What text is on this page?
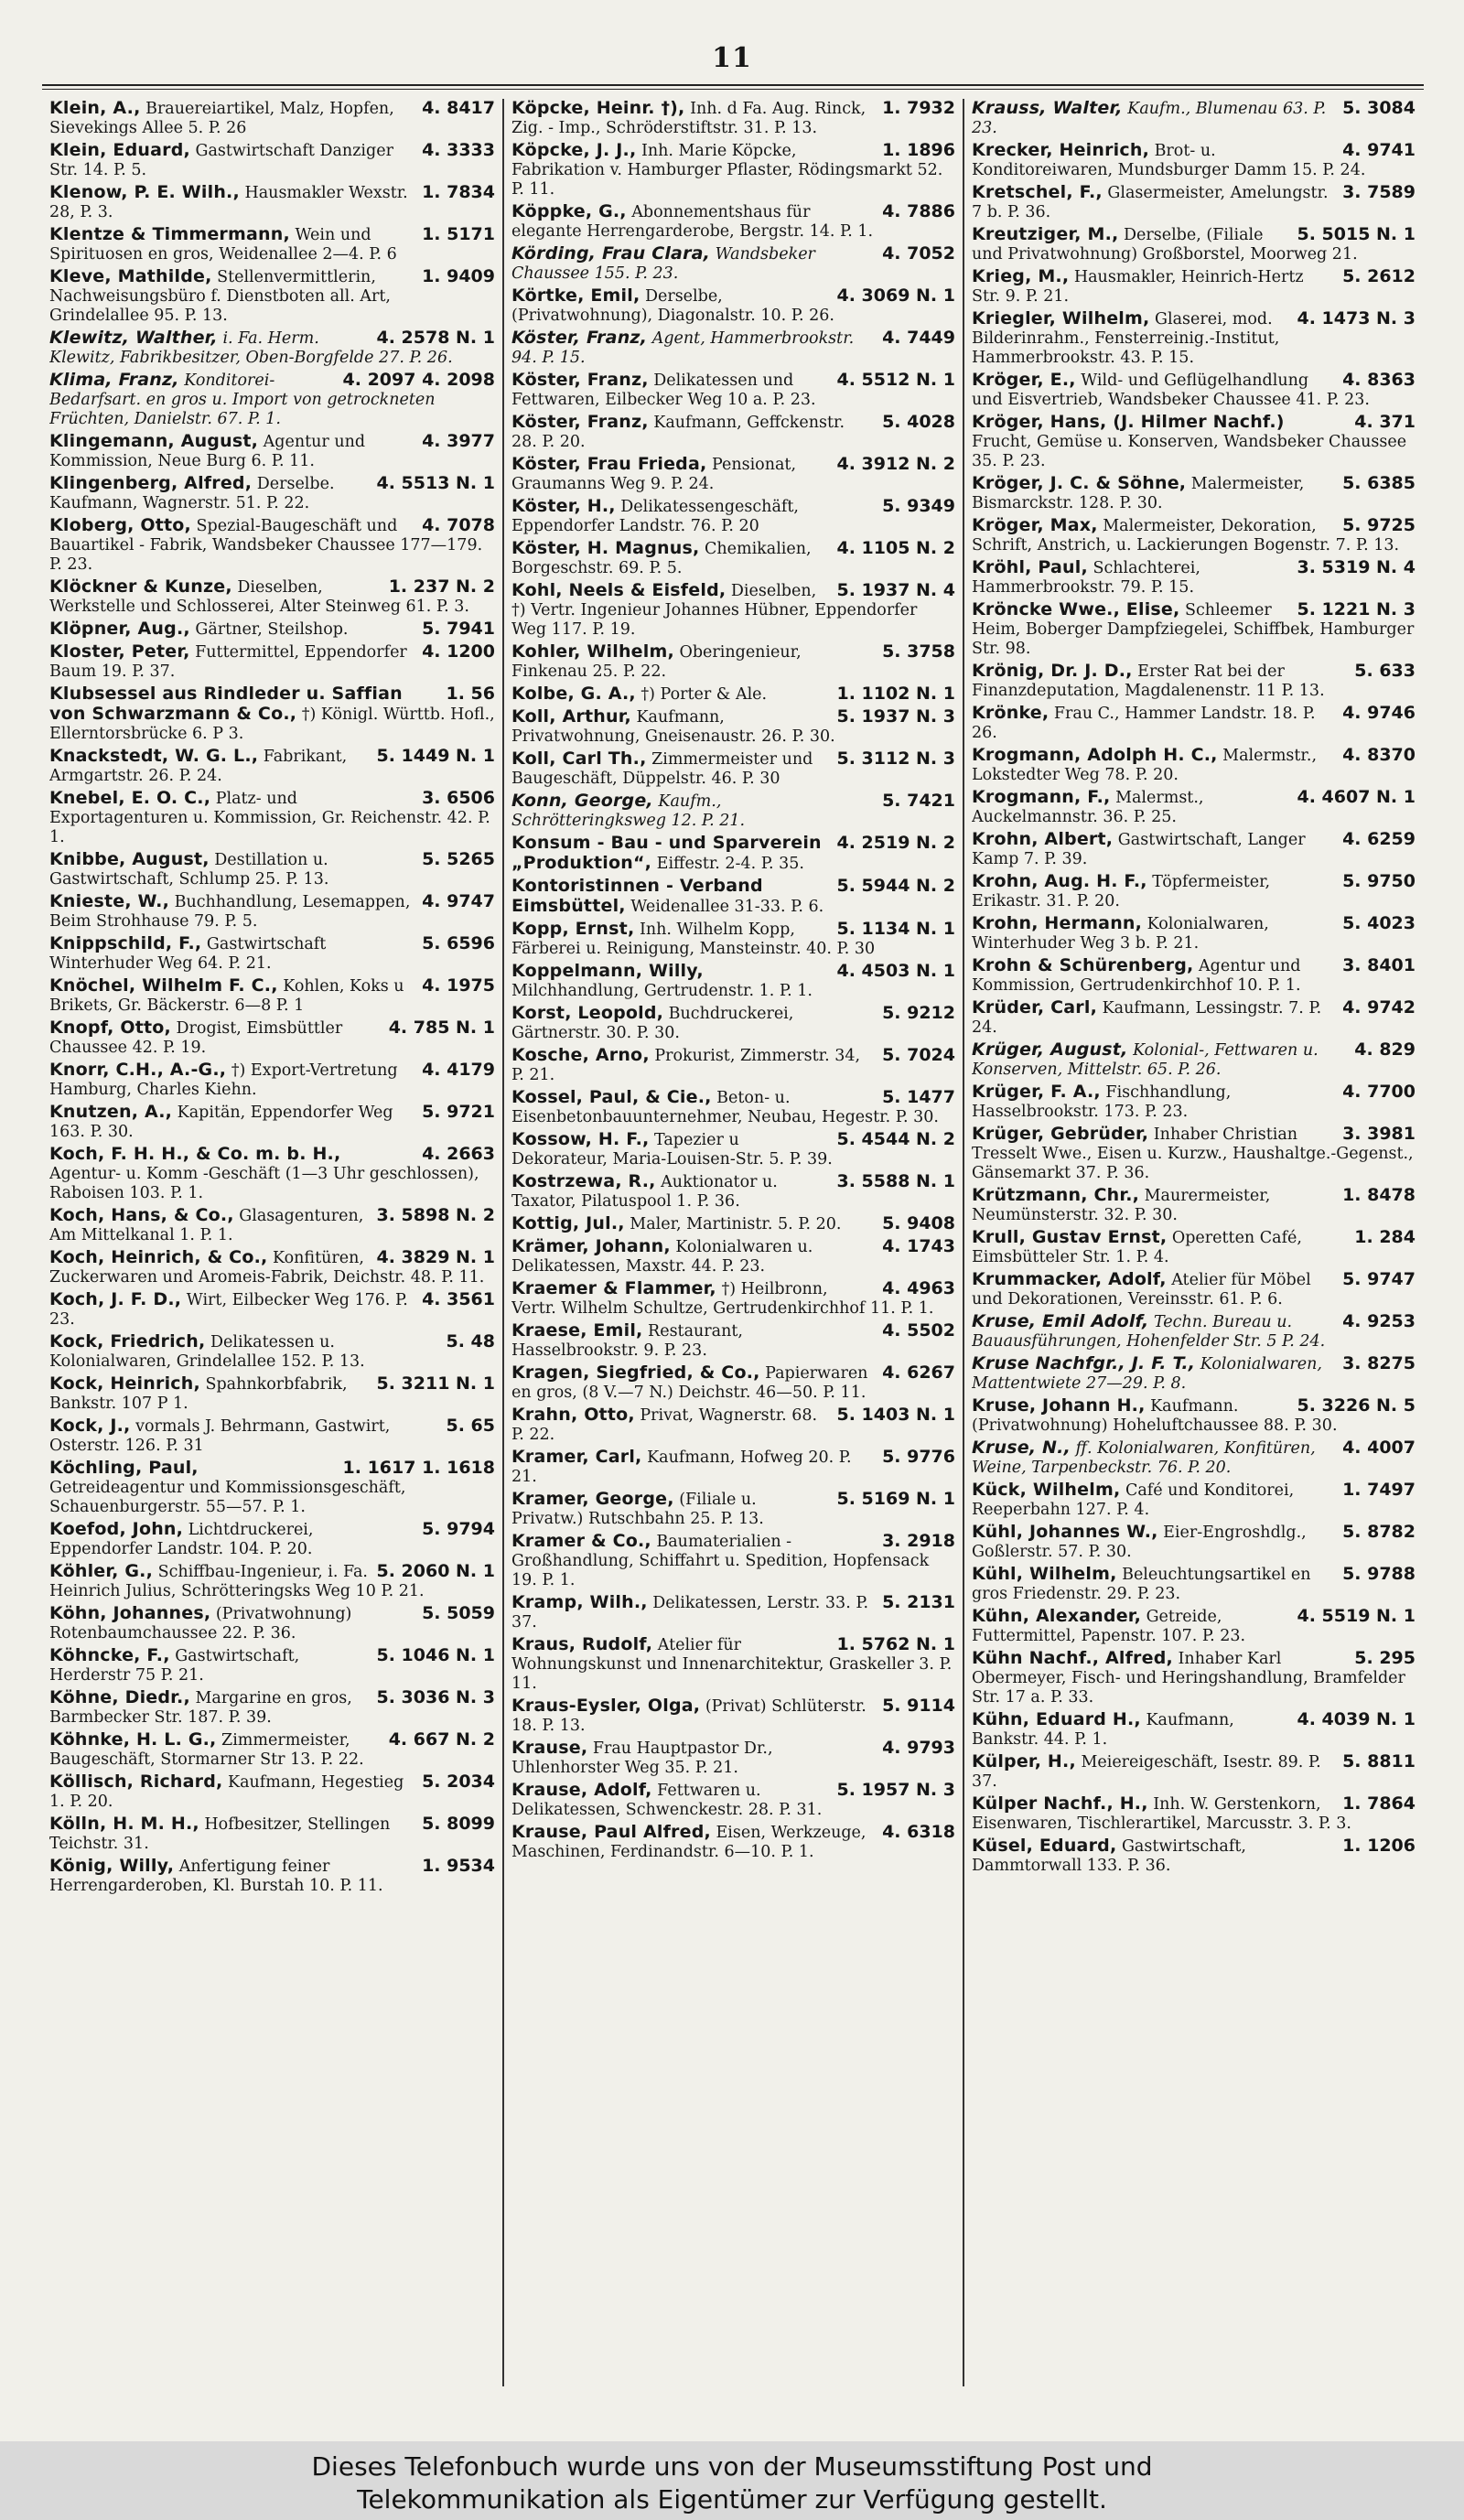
11
4. 8417
Klein, A., Brauereiartikel, Malz, Hopfen, Sievekings Allee 5. P. 26
4. 3333
Klein, Eduard, Gastwirtschaft Danziger Str. 14. P. 5.
1. 7834
Klenow, P. E. Wilh., Hausmakler Wexstr. 28, P. 3.
1. 5171
Klentze & Timmermann, Wein und Spirituosen en gros, Weidenallee 2—4. P. 6
1. 9409
Kleve, Mathilde, Stellenvermittlerin, Nachweisungsbüro f. Dienstboten all. Art, Grindelallee 95. P. 13.
4. 2578 N. 1
Klewitz, Walther, i. Fa. Herm. Klewitz, Fabrikbesitzer, Oben-Borgfelde 27. P. 26.
4. 2097 4. 2098
Klima, Franz, Konditorei-Bedarfsart. en gros u. Import von getrockneten Früchten, Danielstr. 67. P. 1.
4. 3977
Klingemann, August, Agentur und Kommission, Neue Burg 6. P. 11.
4. 5513 N. 1
Klingenberg, Alfred, Derselbe. Kaufmann, Wagnerstr. 51. P. 22.
4. 7078
Kloberg, Otto, Spezial-Baugeschäft und Bauartikel - Fabrik, Wandsbeker Chaussee 177—179. P. 23.
1. 237 N. 2
Klöckner & Kunze, Dieselben, Werkstelle und Schlosserei, Alter Steinweg 61. P. 3.
5. 7941
Klöpner, Aug., Gärtner, Steilshop.
4. 1200
Kloster, Peter, Futtermittel, Eppendorfer Baum 19. P. 37.
1. 56
Klubsessel aus Rindleder u. Saffian von Schwarzmann & Co., †) Königl. Württb. Hofl., Ellerntorsbrücke 6. P 3.
5. 1449 N. 1
Knackstedt, W. G. L., Fabrikant, Armgartstr. 26. P. 24.
3. 6506
Knebel, E. O. C., Platz- und Exportagenturen u. Kommission, Gr. Reichenstr. 42. P. 1.
5. 5265
Knibbe, August, Destillation u. Gastwirtschaft, Schlump 25. P. 13.
4. 9747
Knieste, W., Buchhandlung, Lesemappen, Beim Strohhause 79. P. 5.
5. 6596
Knippschild, F., Gastwirtschaft Winterhuder Weg 64. P. 21.
4. 1975
Knöchel, Wilhelm F. C., Kohlen, Koks u Brikets, Gr. Bäckerstr. 6—8 P. 1
4. 785 N. 1
Knopf, Otto, Drogist, Eimsbüttler Chaussee 42. P. 19.
4. 4179
Knorr, C.H., A.-G., †) Export-Vertretung Hamburg, Charles Kiehn.
5. 9721
Knutzen, A., Kapitän, Eppendorfer Weg 163. P. 30.
4. 2663
Koch, F. H. H., & Co. m. b. H., Agentur- u. Komm -Geschäft (1—3 Uhr geschlossen), Raboisen 103. P. 1.
3. 5898 N. 2
Koch, Hans, & Co., Glasagenturen, Am Mittelkanal 1. P. 1.
4. 3829 N. 1
Koch, Heinrich, & Co., Konfitüren, Zuckerwaren und Aromeis-Fabrik, Deichstr. 48. P. 11.
4. 3561
Koch, J. F. D., Wirt, Eilbecker Weg 176. P. 23.
5. 48
Kock, Friedrich, Delikatessen u. Kolonialwaren, Grindelallee 152. P. 13.
5. 3211 N. 1
Kock, Heinrich, Spahnkorbfabrik, Bankstr. 107 P 1.
5. 65
Kock, J., vormals J. Behrmann, Gastwirt, Osterstr. 126. P. 31
1. 1617 1. 1618
Köchling, Paul, Getreideagentur und Kommissionsgeschäft, Schauenburgerstr. 55—57. P. 1.
5. 9794
Koefod, John, Lichtdruckerei, Eppendorfer Landstr. 104. P. 20.
5. 2060 N. 1
Köhler, G., Schiffbau-Ingenieur, i. Fa. Heinrich Julius, Schrötteringsks Weg 10 P. 21.
5. 5059
Köhn, Johannes, (Privatwohnung) Rotenbaumchaussee 22. P. 36.
5. 1046 N. 1
Köhncke, F., Gastwirtschaft, Herderstr 75 P. 21.
5. 3036 N. 3
Köhne, Diedr., Margarine en gros, Barmbecker Str. 187. P. 39.
4. 667 N. 2
Köhnke, H. L. G., Zimmermeister, Baugeschäft, Stormarner Str 13. P. 22.
5. 2034
Köllisch, Richard, Kaufmann, Hegestieg 1. P. 20.
5. 8099
Kölln, H. M. H., Hofbesitzer, Stellingen Teichstr. 31.
1. 9534
König, Willy, Anfertigung feiner Herrengarderoben, Kl. Burstah 10. P. 11.
1. 7932
Köpcke, Heinr. †), Inh. d Fa. Aug. Rinck, Zig. - Imp., Schröderstiftstr. 31. P. 13.
1. 1896
Köpcke, J. J., Inh. Marie Köpcke, Fabrikation v. Hamburger Pflaster, Rödingsmarkt 52. P. 11.
4. 7886
Köppke, G., Abonnementshaus für elegante Herrengarderobe, Bergstr. 14. P. 1.
4. 7052
Körding, Frau Clara, Wandsbeker Chaussee 155. P. 23.
4. 3069 N. 1
Körtke, Emil, Derselbe, (Privatwohnung), Diagonalstr. 10. P. 26.
4. 7449
Köster, Franz, Agent, Hammerbrookstr. 94. P. 15.
4. 5512 N. 1
Köster, Franz, Delikatessen und Fettwaren, Eilbecker Weg 10 a. P. 23.
5. 4028
Köster, Franz, Kaufmann, Geffckenstr. 28. P. 20.
4. 3912 N. 2
Köster, Frau Frieda, Pensionat, Graumanns Weg 9. P. 24.
5. 9349
Köster, H., Delikatessengeschäft, Eppendorfer Landstr. 76. P. 20
4. 1105 N. 2
Köster, H. Magnus, Chemikalien, Borgeschstr. 69. P. 5.
5. 1937 N. 4
Kohl, Neels & Eisfeld, Dieselben, †) Vertr. Ingenieur Johannes Hübner, Eppendorfer Weg 117. P. 19.
5. 3758
Kohler, Wilhelm, Oberingenieur, Finkenau 25. P. 22.
1. 1102 N. 1
Kolbe, G. A., †) Porter & Ale.
5. 1937 N. 3
Koll, Arthur, Kaufmann, Privatwohnung, Gneisenaustr. 26. P. 30.
5. 3112 N. 3
Koll, Carl Th., Zimmermeister und Baugeschäft, Düppelstr. 46. P. 30
5. 7421
Konn, George, Kaufm., Schrötteringksweg 12. P. 21.
4. 2519 N. 2
Konsum - Bau - und Sparverein „Produktion“, Eiffestr. 2-4. P. 35.
5. 5944 N. 2
Kontoristinnen - Verband Eimsbüttel, Weidenallee 31-33. P. 6.
5. 1134 N. 1
Kopp, Ernst, Inh. Wilhelm Kopp, Färberei u. Reinigung, Mansteinstr. 40. P. 30
4. 4503 N. 1
Koppelmann, Willy, Milchhandlung, Gertrudenstr. 1. P. 1.
5. 9212
Korst, Leopold, Buchdruckerei, Gärtnerstr. 30. P. 30.
5. 7024
Kosche, Arno, Prokurist, Zimmerstr. 34, P. 21.
5. 1477
Kossel, Paul, & Cie., Beton- u. Eisenbetonbauunternehmer, Neubau, Hegestr. P. 30.
5. 4544 N. 2
Kossow, H. F., Tapezier u Dekorateur, Maria-Louisen-Str. 5. P. 39.
3. 5588 N. 1
Kostrzewa, R., Auktionator u. Taxator, Pilatuspool 1. P. 36.
5. 9408
Kottig, Jul., Maler, Martinistr. 5. P. 20.
4. 1743
Krämer, Johann, Kolonialwaren u. Delikatessen, Maxstr. 44. P. 23.
4. 4963
Kraemer & Flammer, †) Heilbronn, Vertr. Wilhelm Schultze, Gertrudenkirchhof 11. P. 1.
4. 5502
Kraese, Emil, Restaurant, Hasselbrookstr. 9. P. 23.
4. 6267
Kragen, Siegfried, & Co., Papierwaren en gros, (8 V.—7 N.) Deichstr. 46—50. P. 11.
5. 1403 N. 1
Krahn, Otto, Privat, Wagnerstr. 68. P. 22.
5. 9776
Kramer, Carl, Kaufmann, Hofweg 20. P. 21.
5. 5169 N. 1
Kramer, George, (Filiale u. Privatw.) Rutschbahn 25. P. 13.
3. 2918
Kramer & Co., Baumaterialien - Großhandlung, Schiffahrt u. Spedition, Hopfensack 19. P. 1.
5. 2131
Kramp, Wilh., Delikatessen, Lerstr. 33. P. 37.
1. 5762 N. 1
Kraus, Rudolf, Atelier für Wohnungskunst und Innenarchitektur, Graskeller 3. P. 11.
5. 9114
Kraus-Eysler, Olga, (Privat) Schlüterstr. 18. P. 13.
4. 9793
Krause, Frau Hauptpastor Dr., Uhlenhorster Weg 35. P. 21.
5. 1957 N. 3
Krause, Adolf, Fettwaren u. Delikatessen, Schwenckestr. 28. P. 31.
4. 6318
Krause, Paul Alfred, Eisen, Werkzeuge, Maschinen, Ferdinandstr. 6—10. P. 1.
5. 3084
Krauss, Walter, Kaufm., Blumenau 63. P. 23.
4. 9741
Krecker, Heinrich, Brot- u. Konditoreiwaren, Mundsburger Damm 15. P. 24.
3. 7589
Kretschel, F., Glasermeister, Amelungstr. 7 b. P. 36.
5. 5015 N. 1
Kreutziger, M., Derselbe, (Filiale und Privatwohnung) Großborstel, Moorweg 21.
5. 2612
Krieg, M., Hausmakler, Heinrich-Hertz Str. 9. P. 21.
4. 1473 N. 3
Kriegler, Wilhelm, Glaserei, mod. Bilderinrahm., Fensterreinig.-Institut, Hammerbrookstr. 43. P. 15.
4. 8363
Kröger, E., Wild- und Geflügelhandlung und Eisvertrieb, Wandsbeker Chaussee 41. P. 23.
4. 371
Kröger, Hans, (J. Hilmer Nachf.) Frucht, Gemüse u. Konserven, Wandsbeker Chaussee 35. P. 23.
5. 6385
Kröger, J. C. & Söhne, Malermeister, Bismarckstr. 128. P. 30.
5. 9725
Kröger, Max, Malermeister, Dekoration, Schrift, Anstrich, u. Lackierungen Bogenstr. 7. P. 13.
3. 5319 N. 4
Kröhl, Paul, Schlachterei, Hammerbrookstr. 79. P. 15.
5. 1221 N. 3
Kröncke Wwe., Elise, Schleemer Heim, Boberger Dampfziegelei, Schiffbek, Hamburger Str. 98.
5. 633
Krönig, Dr. J. D., Erster Rat bei der Finanzdeputation, Magdalenenstr. 11 P. 13.
4. 9746
Krönke, Frau C., Hammer Landstr. 18. P. 26.
4. 8370
Krogmann, Adolph H. C., Malermstr., Lokstedter Weg 78. P. 20.
4. 4607 N. 1
Krogmann, F., Malermst., Auckelmannstr. 36. P. 25.
4. 6259
Krohn, Albert, Gastwirtschaft, Langer Kamp 7. P. 39.
5. 9750
Krohn, Aug. H. F., Töpfermeister, Erikastr. 31. P. 20.
5. 4023
Krohn, Hermann, Kolonialwaren, Winterhuder Weg 3 b. P. 21.
3. 8401
Krohn & Schürenberg, Agentur und Kommission, Gertrudenkirchhof 10. P. 1.
4. 9742
Krüder, Carl, Kaufmann, Lessingstr. 7. P. 24.
4. 829
Krüger, August, Kolonial-, Fettwaren u. Konserven, Mittelstr. 65. P. 26.
4. 7700
Krüger, F. A., Fischhandlung, Hasselbrookstr. 173. P. 23.
3. 3981
Krüger, Gebrüder, Inhaber Christian Tresselt Wwe., Eisen u. Kurzw., Haushaltge.-Gegenst., Gänsemarkt 37. P. 36.
1. 8478
Krützmann, Chr., Maurermeister, Neumünsterstr. 32. P. 30.
1. 284
Krull, Gustav Ernst, Operetten Café, Eimsbütteler Str. 1. P. 4.
5. 9747
Krummacker, Adolf, Atelier für Möbel und Dekorationen, Vereinsstr. 61. P. 6.
4. 9253
Kruse, Emil Adolf, Techn. Bureau u. Bauausführungen, Hohenfelder Str. 5 P. 24.
3. 8275
Kruse Nachfgr., J. F. T., Kolonialwaren, Mattentwiete 27—29. P. 8.
5. 3226 N. 5
Kruse, Johann H., Kaufmann. (Privatwohnung) Hoheluftchaussee 88. P. 30.
4. 4007
Kruse, N., ff. Kolonialwaren, Konfitüren, Weine, Tarpenbeckstr. 76. P. 20.
1. 7497
Kück, Wilhelm, Café und Konditorei, Reeperbahn 127. P. 4.
5. 8782
Kühl, Johannes W., Eier-Engroshdlg., Goßlerstr. 57. P. 30.
5. 9788
Kühl, Wilhelm, Beleuchtungsartikel en gros Friedenstr. 29. P. 23.
4. 5519 N. 1
Kühn, Alexander, Getreide, Futtermittel, Papenstr. 107. P. 23.
5. 295
Kühn Nachf., Alfred, Inhaber Karl Obermeyer, Fisch- und Heringshandlung, Bramfelder Str. 17 a. P. 33.
4. 4039 N. 1
Kühn, Eduard H., Kaufmann, Bankstr. 44. P. 1.
5. 8811
Külper, H., Meiereigeschäft, Isestr. 89. P. 37.
1. 7864
Külper Nachf., H., Inh. W. Gerstenkorn, Eisenwaren, Tischlerartikel, Marcusstr. 3. P. 3.
1. 1206
Küsel, Eduard, Gastwirtschaft, Dammtorwall 133. P. 36.
Dieses Telefonbuch wurde uns von der Museumsstiftung Post und
Telekommunikation als Eigentümer zur Verfügung gestellt.
